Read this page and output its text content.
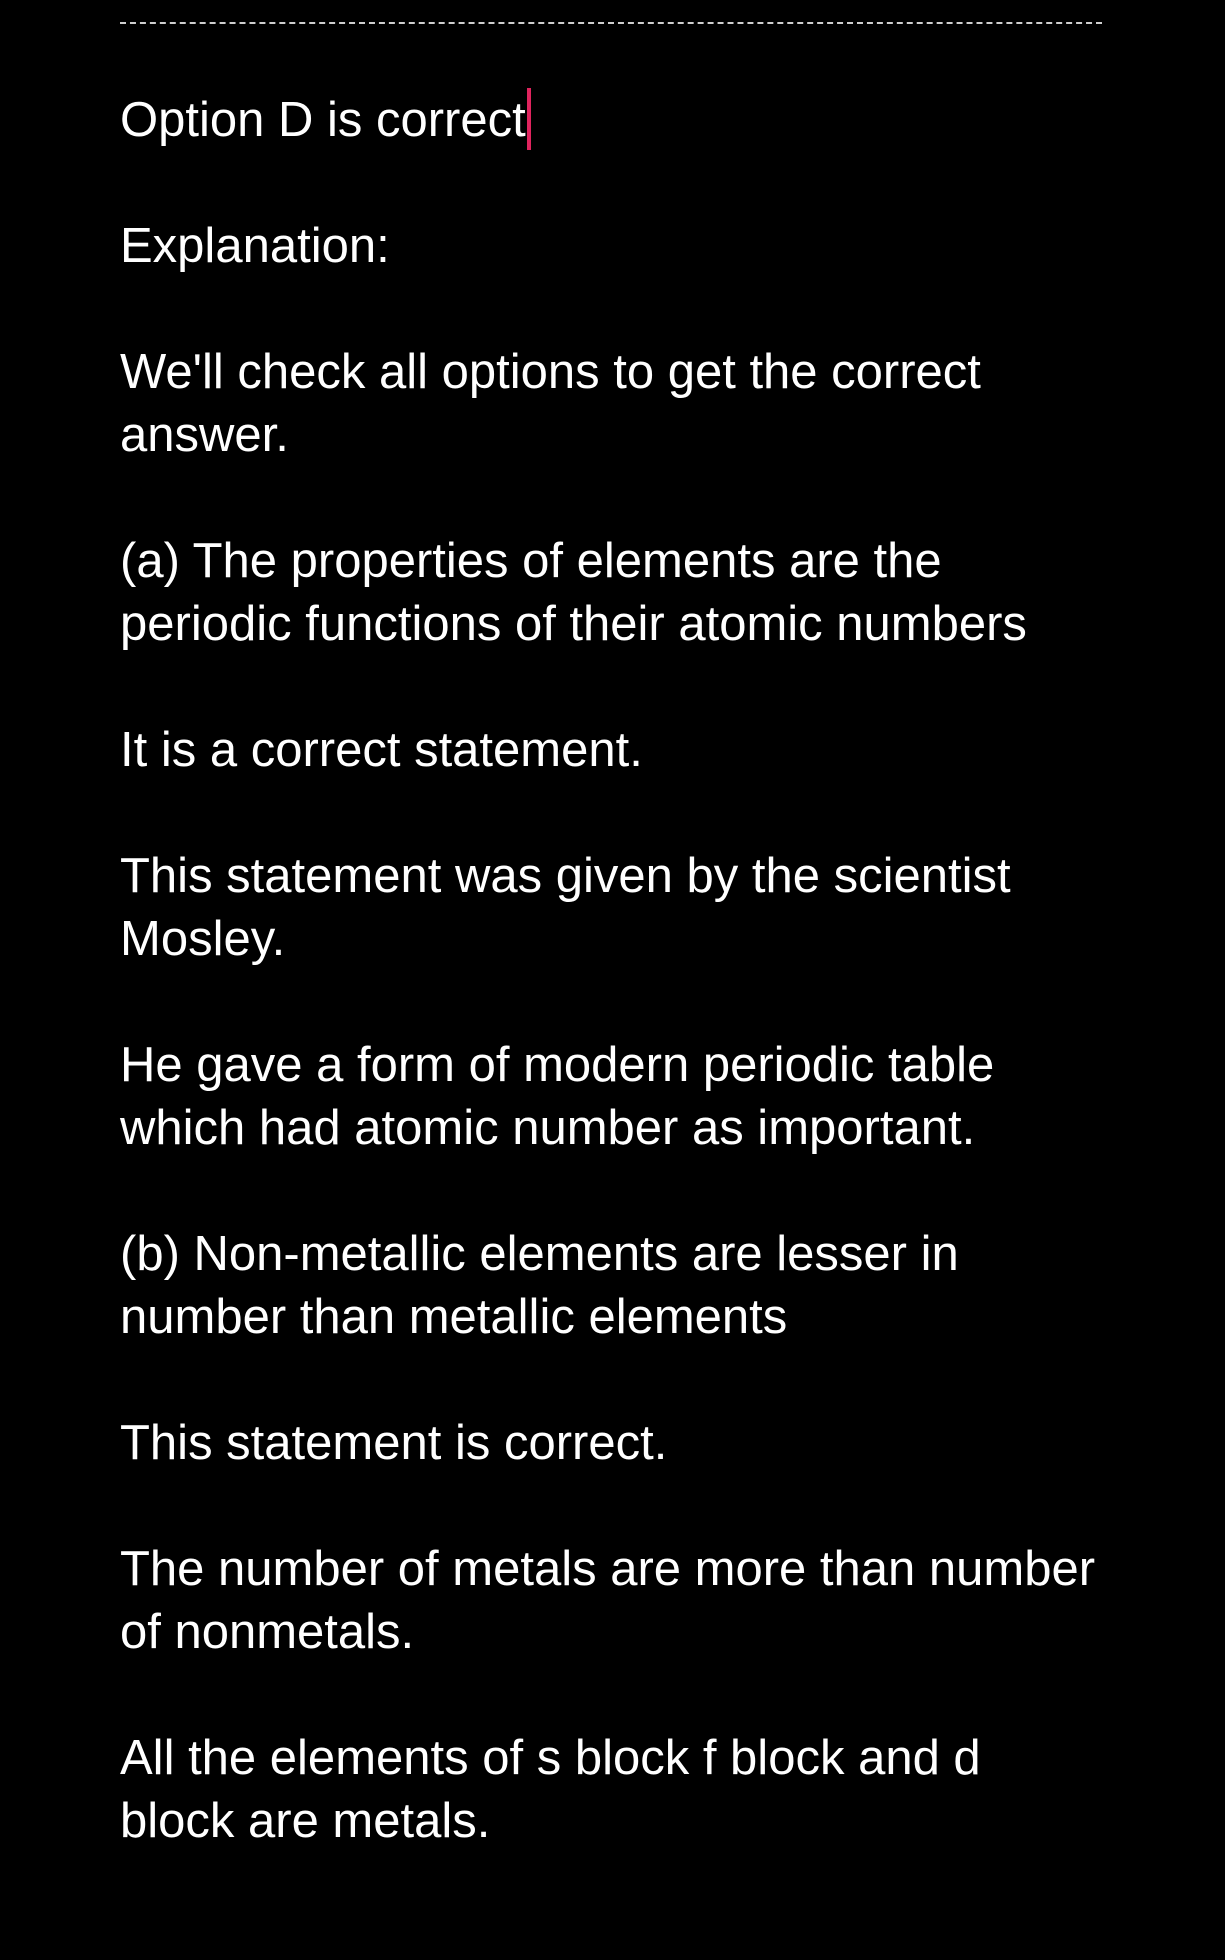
Option D is correct

Explanation:

We'll check all options to get the correct answer.

(a) The properties of elements are the periodic functions of their atomic numbers

It is a correct statement.

This statement was given by the scientist Mosley.

He gave a form of modern periodic table which had atomic number as important.

(b) Non-metallic elements are lesser in number than metallic elements

This statement is correct.

The number of metals are more than number of nonmetals.

All the elements of s block f block and d block are metals.
